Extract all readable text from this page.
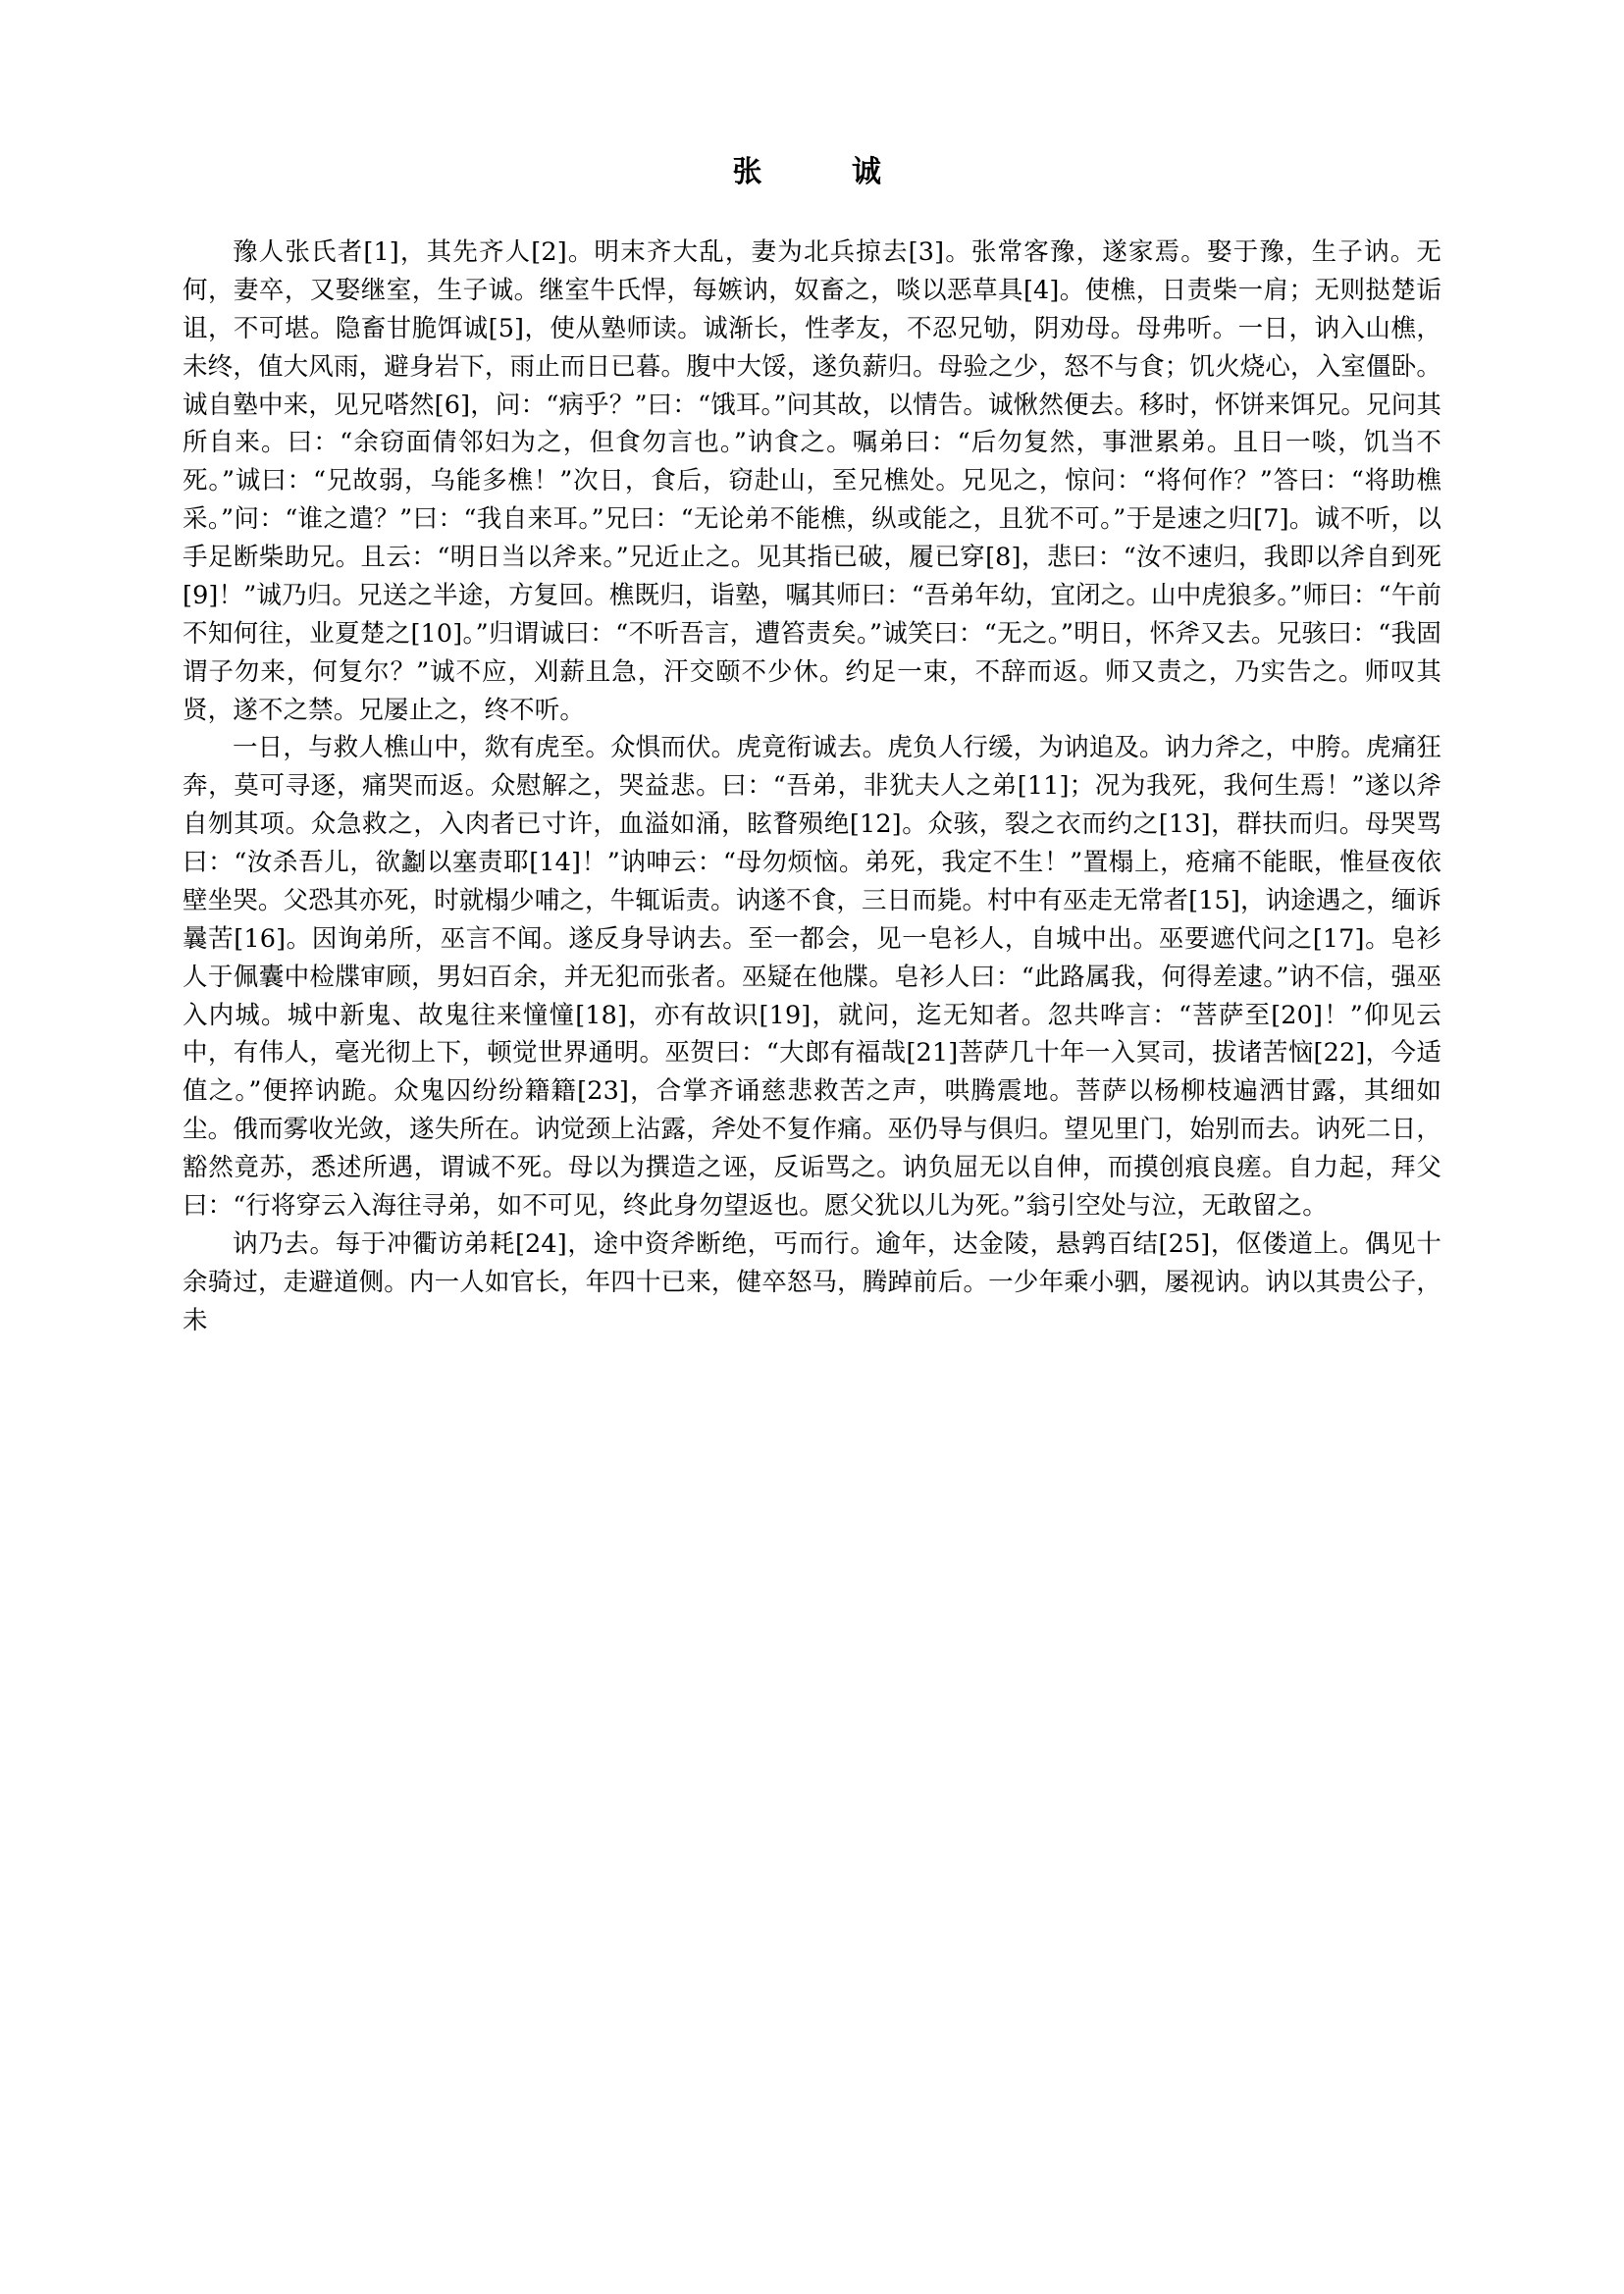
张　　诚

豫人张氏者[1]，其先齐人[2]。明末齐大乱，妻为北兵掠去[3]。张常客豫，遂家焉。娶于豫，生子讷。无何，妻卒，又娶继室，生子诚。继室牛氏悍，每嫉讷，奴畜之，啖以恶草具[4]。使樵，日责柴一肩；无则挞楚诟诅，不可堪。隐畜甘脆饵诚[5]，使从塾师读。诚渐长，性孝友，不忍兄劬，阴劝母。母弗听。一日，讷入山樵，未终，值大风雨，避身岩下，雨止而日已暮。腹中大馁，遂负薪归。母验之少，怒不与食；饥火烧心，入室僵卧。诚自塾中来，见兄嗒然[6]，问：“病乎？”曰：“饿耳。”问其故，以情告。诚愀然便去。移时，怀饼来饵兄。兄问其所自来。曰：“余窃面倩邻妇为之，但食勿言也。”讷食之。嘱弟曰：“后勿复然，事泄累弟。且日一啖，饥当不死。”诚曰：“兄故弱，乌能多樵！”次日，食后，窃赴山，至兄樵处。兄见之，惊问：“将何作？”答曰：“将助樵采。”问：“谁之遣？”曰：“我自来耳。”兄曰：“无论弟不能樵，纵或能之，且犹不可。”于是速之归[7]。诚不听，以手足断柴助兄。且云：“明日当以斧来。”兄近止之。见其指已破，履已穿[8]，悲曰：“汝不速归，我即以斧自到死[9]！”诚乃归。兄送之半途，方复回。樵既归，诣塾，嘱其师曰：“吾弟年幼，宜闭之。山中虎狼多。”师曰：“午前不知何往，业夏楚之[10]。”归谓诚曰：“不听吾言，遭笞责矣。”诚笑曰：“无之。”明日，怀斧又去。兄骇曰：“我固谓子勿来，何复尔？”诚不应，刈薪且急，汗交颐不少休。约足一束，不辞而返。师又责之，乃实告之。师叹其贤，遂不之禁。兄屡止之，终不听。

一日，与救人樵山中，欻有虎至。众惧而伏。虎竟衔诚去。虎负人行缓，为讷追及。讷力斧之，中胯。虎痛狂奔，莫可寻逐，痛哭而返。众慰解之，哭益悲。曰：“吾弟，非犹夫人之弟[11]；况为我死，我何生焉！”遂以斧自刎其项。众急救之，入肉者已寸许，血溢如涌，眩瞀殒绝[12]。众骇，裂之衣而约之[13]，群扶而归。母哭骂曰：“汝杀吾儿，欲劙以塞责耶[14]！”讷呻云：“母勿烦恼。弟死，我定不生！”置榻上，疮痛不能眠，惟昼夜依壁坐哭。父恐其亦死，时就榻少哺之，牛辄诟责。讷遂不食，三日而毙。村中有巫走无常者[15]，讷途遇之，缅诉曩苦[16]。因询弟所，巫言不闻。遂反身导讷去。至一都会，见一皂衫人，自城中出。巫要遮代问之[17]。皂衫人于佩囊中检牒审顾，男妇百余，并无犯而张者。巫疑在他牒。皂衫人曰：“此路属我，何得差逮。”讷不信，强巫入内城。城中新鬼、故鬼往来憧憧[18]，亦有故识[19]，就问，迄无知者。忽共哗言：“菩萨至[20]！”仰见云中，有伟人，毫光彻上下，顿觉世界通明。巫贺曰：“大郎有福哉[21]菩萨几十年一入冥司，拔诸苦恼[22]，今适值之。”便捽讷跪。众鬼囚纷纷籍籍[23]，合掌齐诵慈悲救苦之声，哄腾震地。菩萨以杨柳枝遍洒甘露，其细如尘。俄而雾收光敛，遂失所在。讷觉颈上沾露，斧处不复作痛。巫仍导与俱归。望见里门，始别而去。讷死二日，豁然竟苏，悉述所遇，谓诚不死。母以为撰造之诬，反诟骂之。讷负屈无以自伸，而摸创痕良瘥。自力起，拜父曰：“行将穿云入海往寻弟，如不可见，终此身勿望返也。愿父犹以儿为死。”翁引空处与泣，无敢留之。

讷乃去。每于冲衢访弟耗[24]，途中资斧断绝，丐而行。逾年，达金陵，悬鹑百结[25]，伛偻道上。偶见十余骑过，走避道侧。内一人如官长，年四十已来，健卒怒马，腾踔前后。一少年乘小驷，屡视讷。讷以其贵公子，未
